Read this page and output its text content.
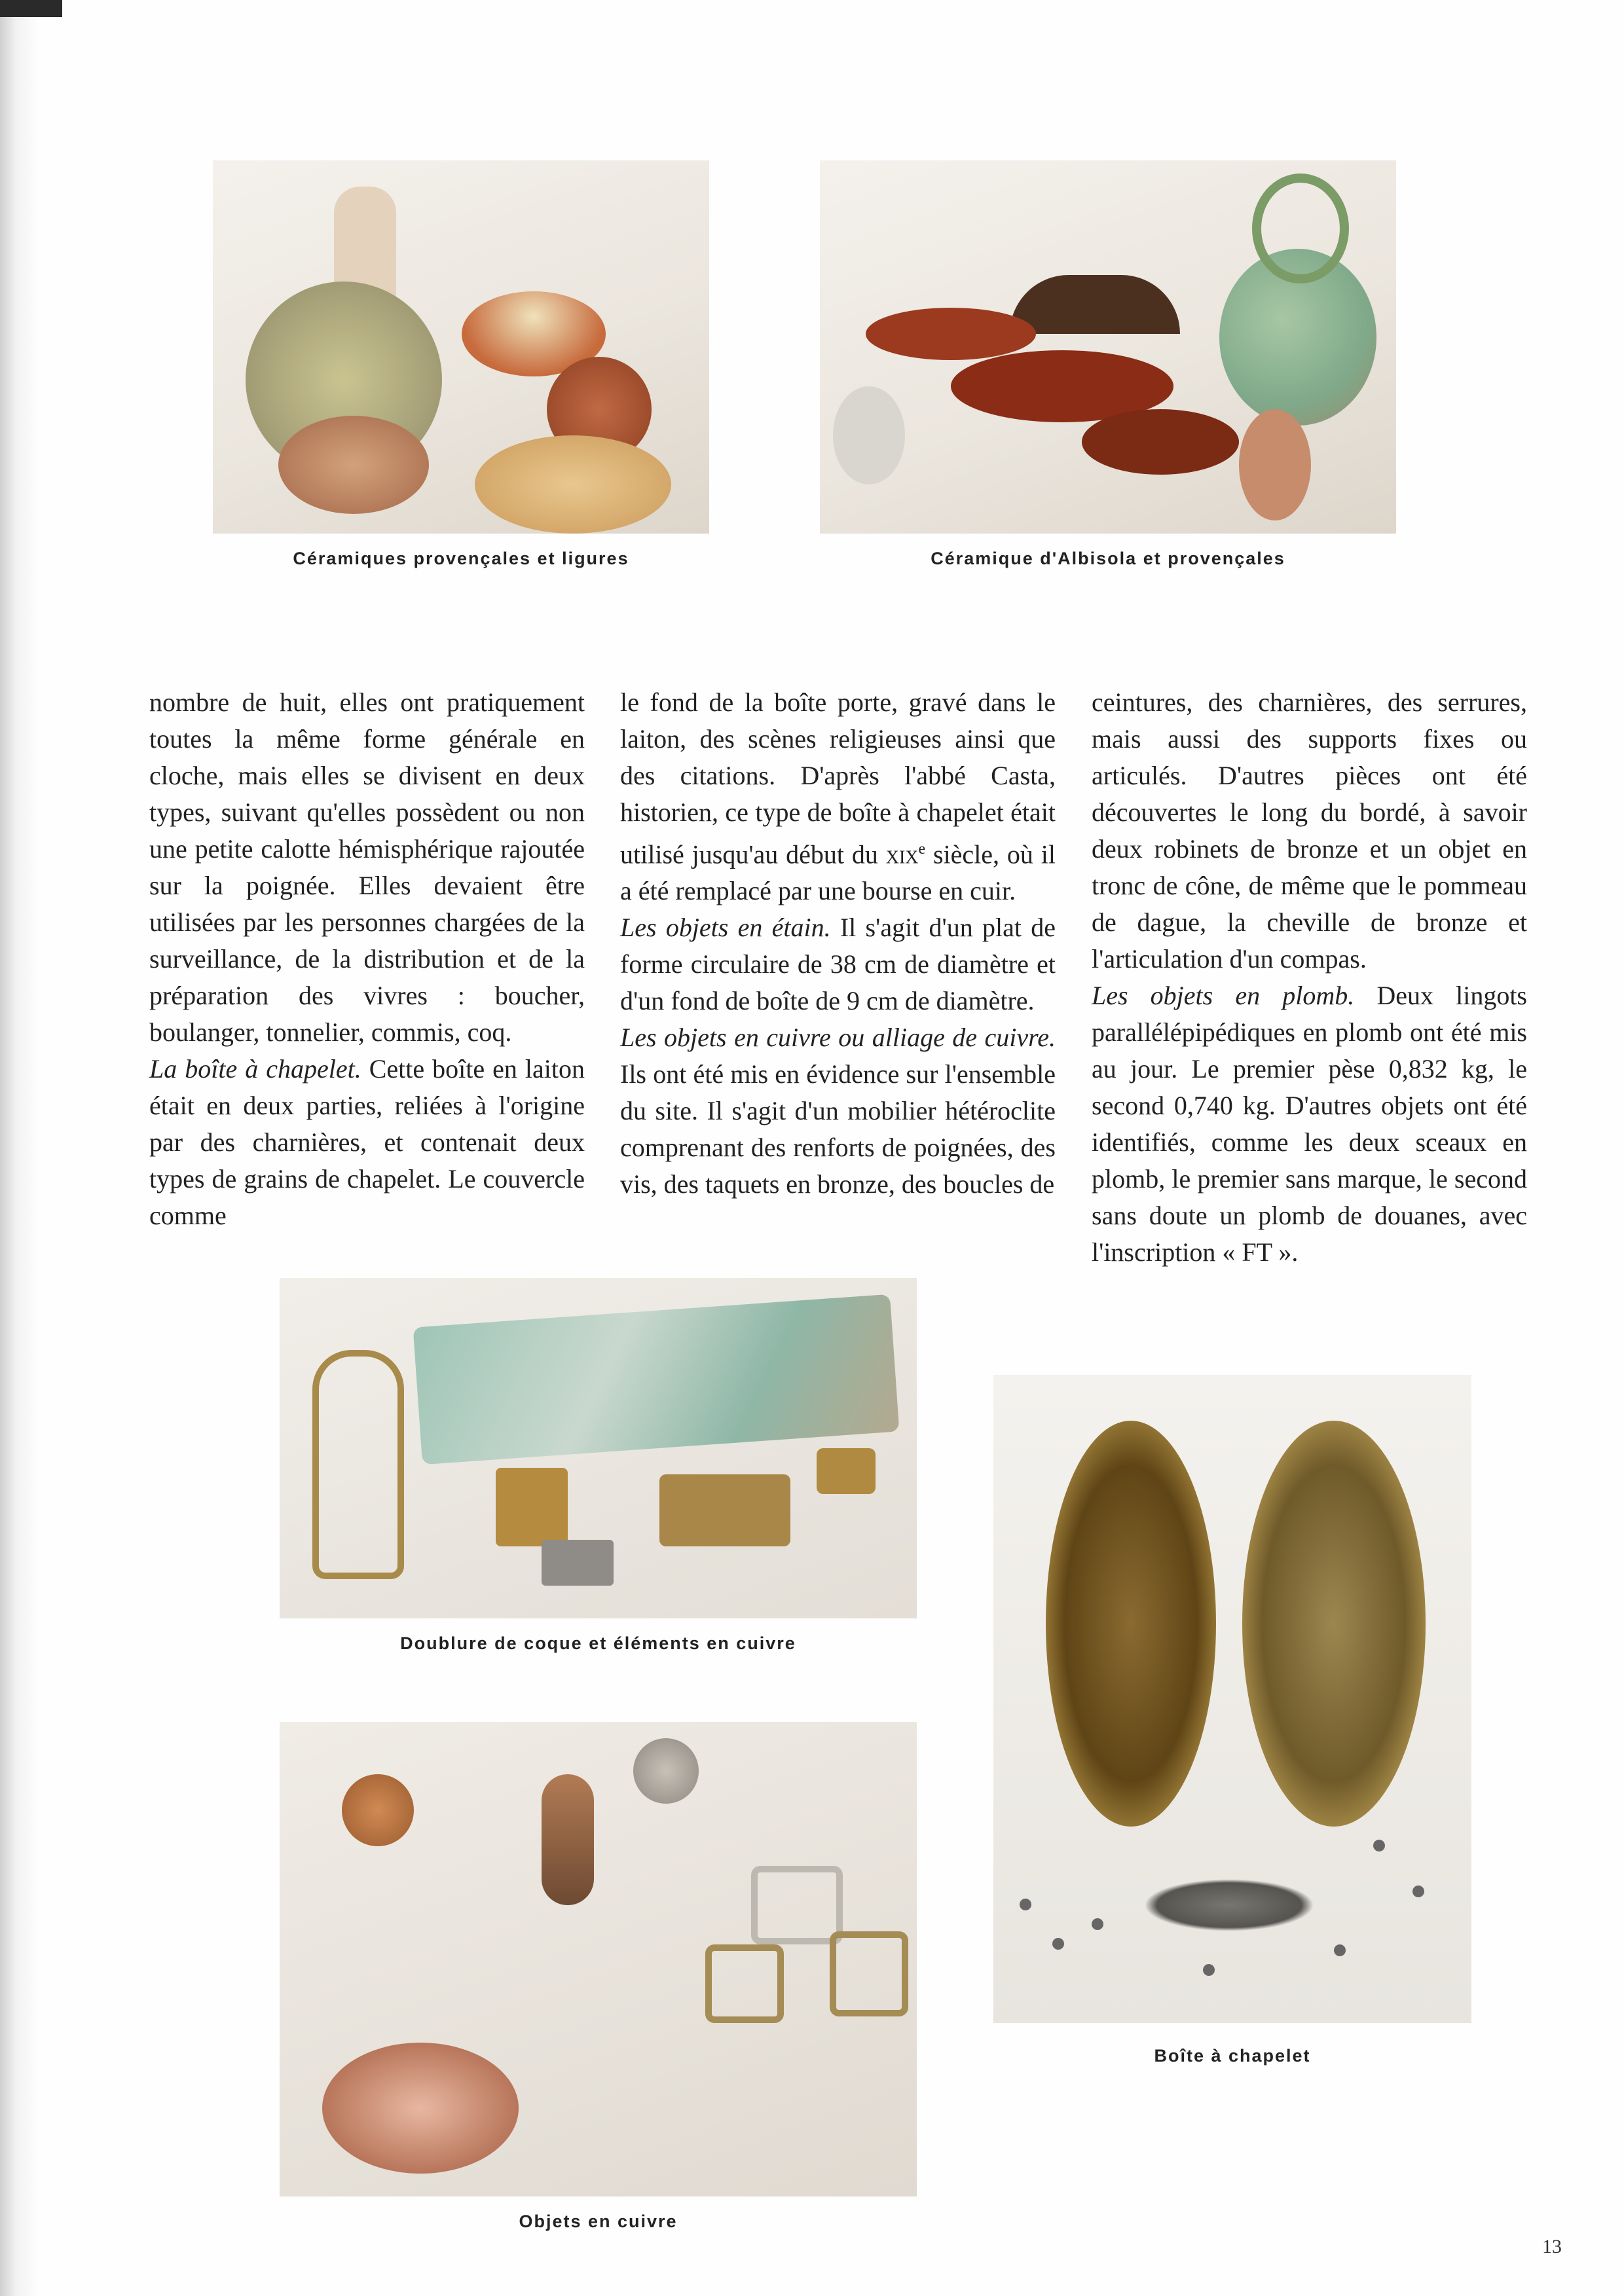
Céramiques provençales et ligures	Céramique d'Albisola et provençales

nombre de huit, elles ont pratiquement toutes la même forme générale en cloche, mais elles se divisent en deux types, suivant qu'elles possèdent ou non une petite calotte hémisphérique rajoutée sur la poignée. Elles devaient être utilisées par les personnes chargées de la surveillance, de la distribution et de la préparation des vivres : boucher, boulanger, tonnelier, commis, coq.

La boîte à chapelet. Cette boîte en laiton était en deux parties, reliées à l'origine par des charnières, et contenait deux types de grains de chapelet. Le couvercle comme

le fond de la boîte porte, gravé dans le laiton, des scènes religieuses ainsi que des citations. D'après l'abbé Casta, historien, ce type de boîte à chapelet était utilisé jusqu'au début du xix$^e$ siècle, où il a été remplacé par une bourse en cuir.

Les objets en étain. Il s'agit d'un plat de forme circulaire de 38 cm de diamètre et d'un fond de boîte de 9 cm de diamètre.

Les objets en cuivre ou alliage de cuivre. Ils ont été mis en évidence sur l'ensemble du site. Il s'agit d'un mobilier hétéroclite comprenant des renforts de poignées, des vis, des taquets en bronze, des boucles de

ceintures, des charnières, des serrures, mais aussi des supports fixes ou articulés. D'autres pièces ont été découvertes le long du bordé, à savoir deux robinets de bronze et un objet en tronc de cône, de même que le pommeau de dague, la cheville de bronze et l'articulation d'un compas.

Les objets en plomb. Deux lingots parallélépipédiques en plomb ont été mis au jour. Le premier pèse 0,832 kg, le second 0,740 kg. D'autres objets ont été identifiés, comme les deux sceaux en plomb, le premier sans marque, le second sans doute un plomb de douanes, avec l'inscription « FT ».

Doublure de coque et éléments en cuivre
Objets en cuivre
Boîte à chapelet
13
